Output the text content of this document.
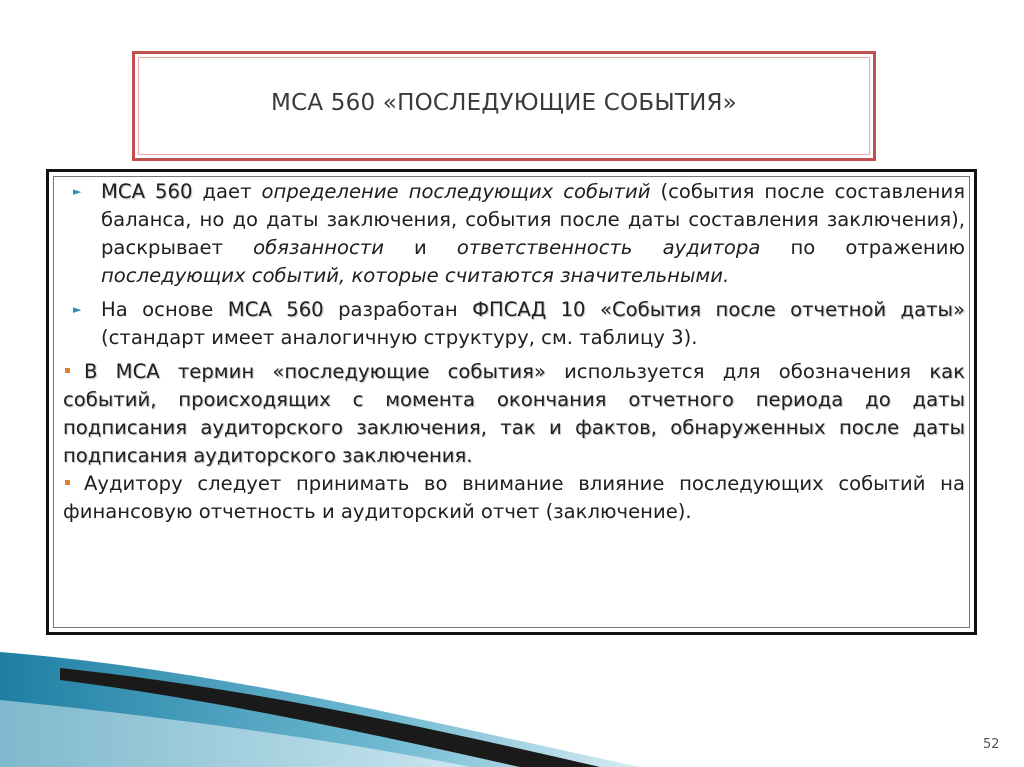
МСА 560 «ПОСЛЕДУЮЩИЕ СОБЫТИЯ»

► МСА 560 дает определение последующих событий (события после составления баланса, но до даты заключения, события после даты составления заключения), раскрывает обязанности и ответственность аудитора по отражению последующих событий, которые считаются значительными.

► На основе МСА 560 разработан ФПСАД 10 «События после отчетной даты» (стандарт имеет аналогичную структуру, см. таблицу 3).

В МСА термин «последующие события» используется для обозначения как событий, происходящих с момента окончания отчетного периода до даты подписания аудиторского заключения, так и фактов, обнаруженных после даты подписания аудиторского заключения.

Аудитору следует принимать во внимание влияние последующих событий на финансовую отчетность и аудиторский отчет (заключение).

52
